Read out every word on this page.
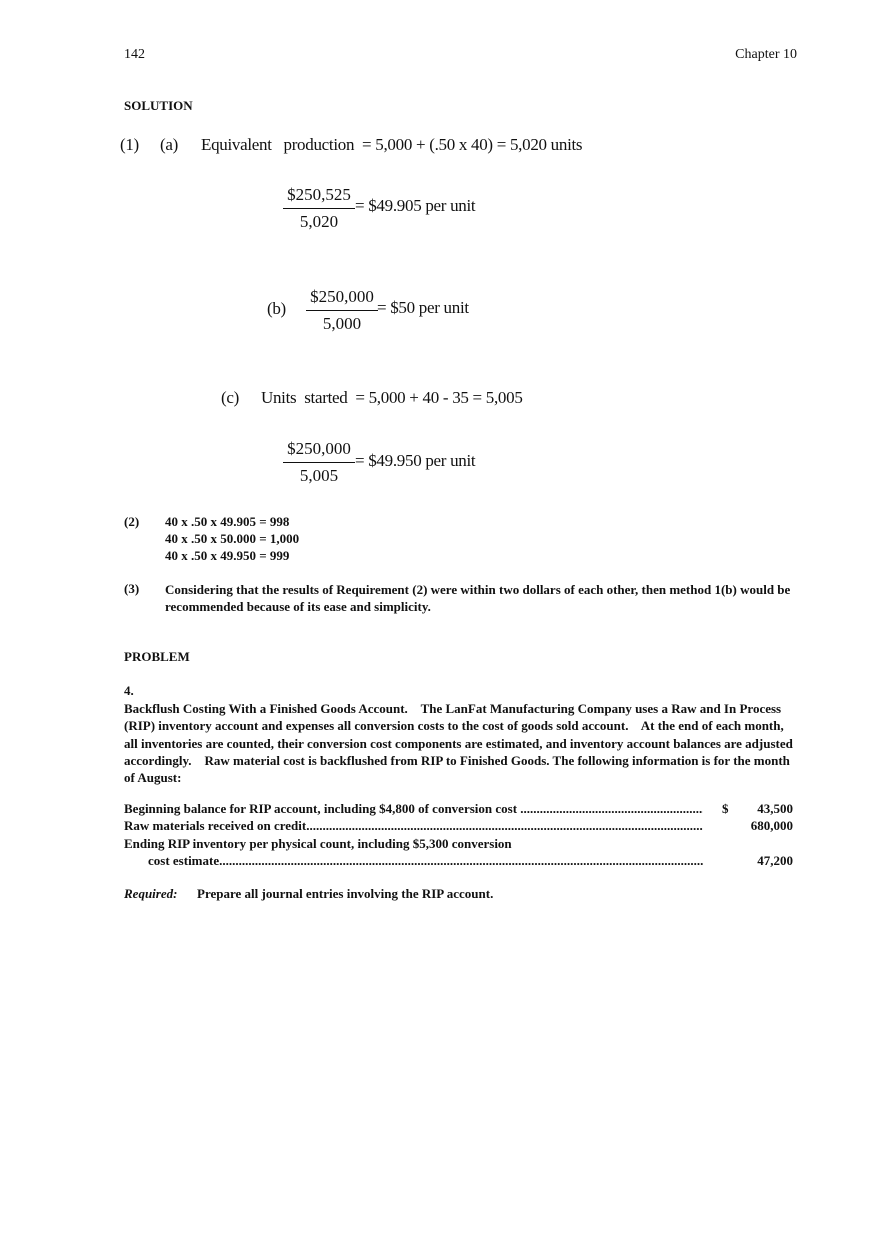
142	Chapter 10
SOLUTION
(1) (a) Equivalent   production  = 5,000 + (.50 x 40) = 5,020 units
$\frac{\$250,525}{5,020}$ = $49.905 per unit
$(b) \frac{\$250,000}{5,000}$ = $50 per unit
(c) Units  started  = 5,000 + 40 - 35 = 5,005
$\frac{\$250,000}{5,005}$ = $49.950 per unit
(2) 40 x .50 x 49.905 = 998
40 x .50 x 50.000 = 1,000
40 x .50 x 49.950 = 999
(3) Considering that the results of Requirement (2) were within two dollars of each other, then method 1(b) would be recommended because of its ease and simplicity.
PROBLEM
4.
Backflush Costing With a Finished Goods Account. The LanFat Manufacturing Company uses a Raw and In Process (RIP) inventory account and expenses all conversion costs to the cost of goods sold account.    At the end of each month, all inventories are counted, their conversion cost components are estimated, and inventory account balances are adjusted accordingly.    Raw material cost is backflushed from RIP to Finished Goods. The following information is for the month of August:
Beginning balance for RIP account, including $4,800 of conversion cost .....	$	43,500
Raw materials received on credit .....	680,000
Ending RIP inventory per physical count, including $5,300 conversion
cost estimate .....	47,200
Required: Prepare all journal entries involving the RIP account.
